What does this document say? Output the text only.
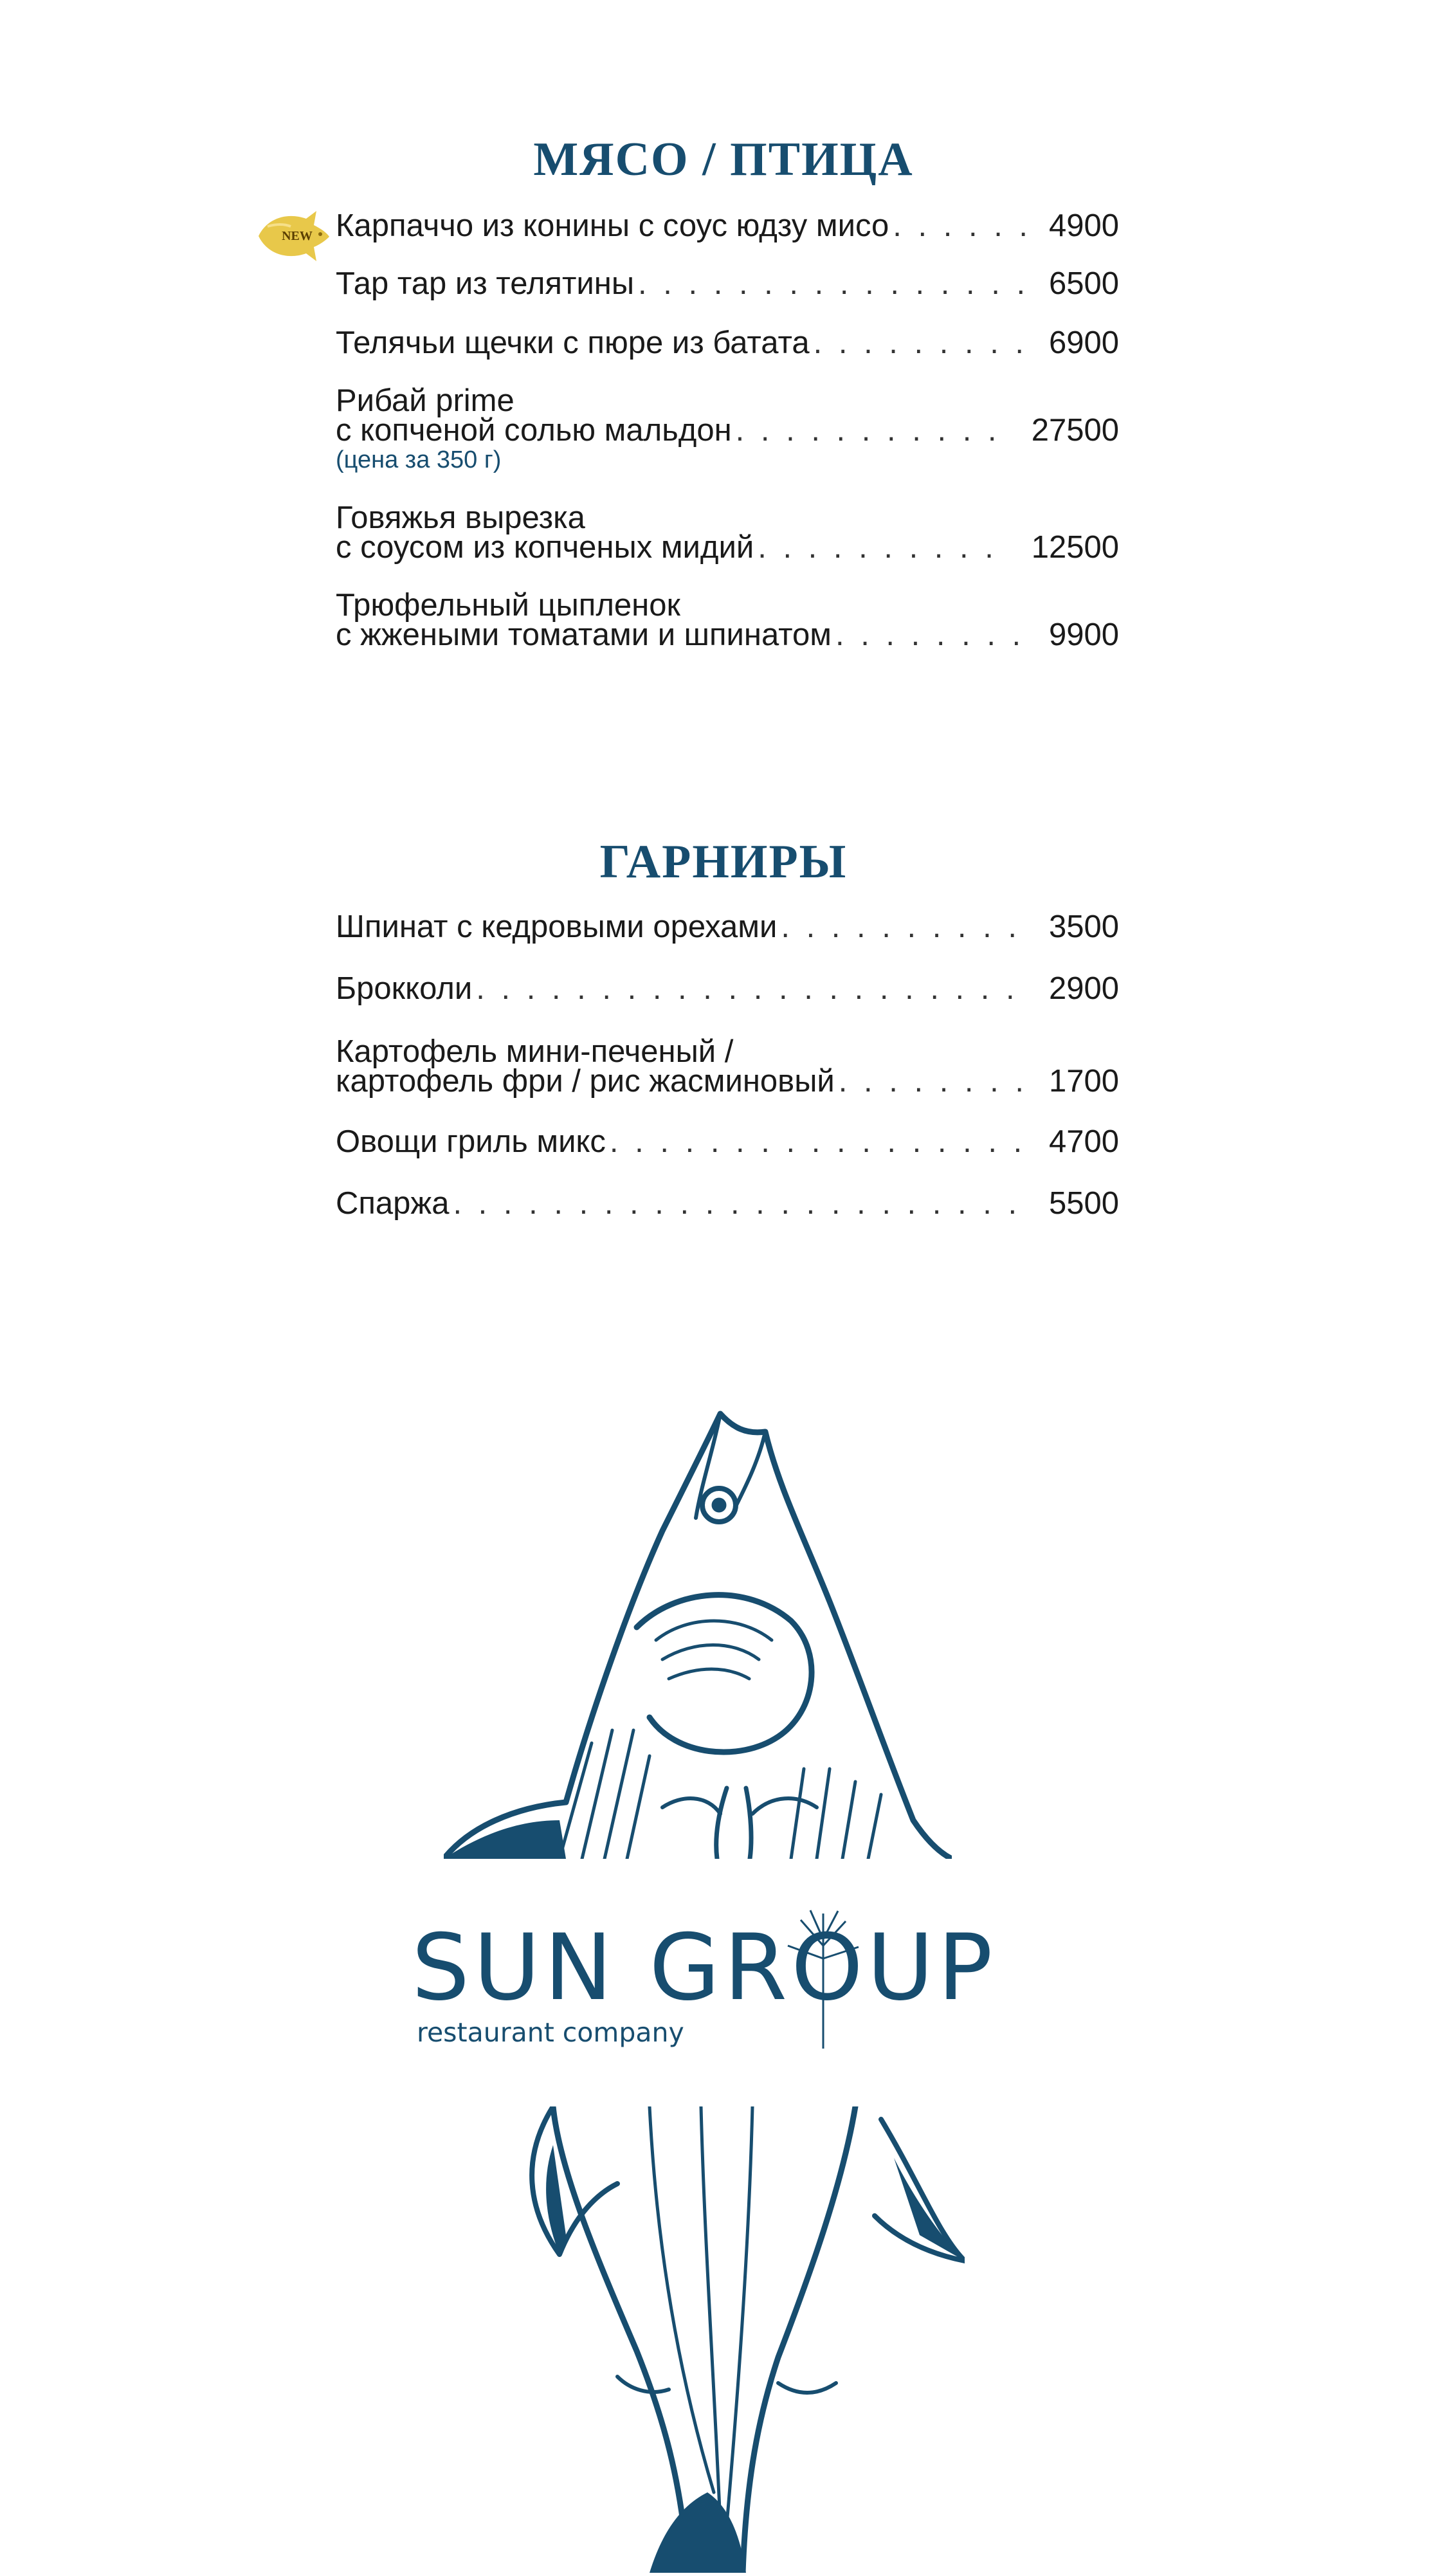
МЯСО / ПТИЦА
NEW Карпаччо из конины с соус юдзу мисо . . .	4900
Тар тар из телятины . . .	6500
Телячьи щечки с пюре из батата . . .	6900
Рибай prime
с копченой солью мальдон . . .	27500
(цена за 350 г)
Говяжья вырезка
с соусом из копченых мидий . . .	12500
Трюфельный цыпленок
с жжеными томатами и шпинатом . . .	9900
ГАРНИРЫ
Шпинат с кедровыми орехами . . .	3500
Брокколи . . .	2900
Картофель мини-печеный /
картофель фри / рис жасминовый . . .	1700
Овощи гриль микс . . .	4700
Спаржа . . .	5500
SUN GROUP
restaurant company
